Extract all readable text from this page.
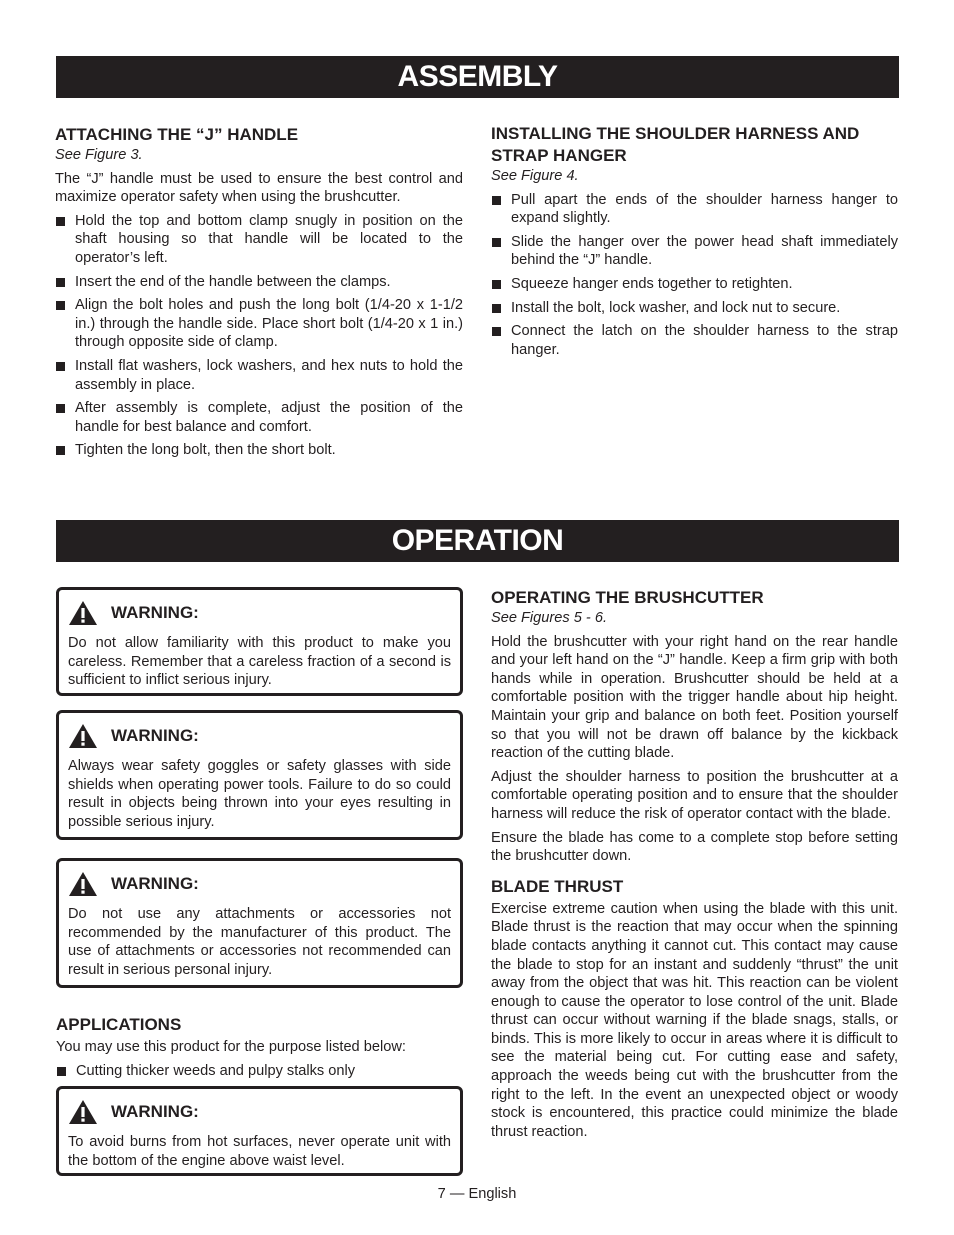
ASSEMBLY
ATTACHING THE “J” HANDLE

See Figure 3.

The “J” handle must be used to ensure the best control and maximize operator safety when using the brushcutter.

Hold the top and bottom clamp snugly in position on the shaft housing so that handle will be located to the operator’s left.
Insert the end of the handle between the clamps.
Align the bolt holes and push the long bolt (1/4-20 x 1-1/2 in.) through the handle side. Place short bolt (1/4-20 x 1 in.) through opposite side of clamp.
Install flat washers, lock washers, and hex nuts to hold the assembly in place.
After assembly is complete, adjust the position of the handle for best balance and comfort.
Tighten the long bolt, then the short bolt.
INSTALLING THE SHOULDER HARNESS AND STRAP HANGER

See Figure 4.

Pull apart the ends of the shoulder harness hanger to expand slightly.
Slide the hanger over the power head shaft immediately behind the “J” handle.
Squeeze hanger ends together to retighten.
Install the bolt, lock washer, and lock nut to secure.
Connect the latch on the shoulder harness to the strap hanger.
OPERATION
WARNING:

Do not allow familiarity with this product to make you careless. Remember that a careless fraction of a second is sufficient to inflict serious injury.

WARNING:

Always wear safety goggles or safety glasses with side shields when operating power tools. Failure to do so could result in objects being thrown into your eyes resulting in possible serious injury.

WARNING:

Do not use any attachments or accessories not recommended by the manufacturer of this product. The use of attachments or accessories not recommended can result in serious personal injury.

APPLICATIONS

You may use this product for the purpose listed below:

Cutting thicker weeds and pulpy stalks only
WARNING:

To avoid burns from hot surfaces, never operate unit with the bottom of the engine above waist level.

OPERATING THE BRUSHCUTTER

See Figures 5 - 6.

Hold the brushcutter with your right hand on the rear handle and your left hand on the “J” handle. Keep a firm grip with both hands while in operation. Brushcutter should be held at a comfortable position with the trigger handle about hip height. Maintain your grip and balance on both feet. Position yourself so that you will not be drawn off balance by the kickback reaction of the cutting blade.

Adjust the shoulder harness to position the brushcutter at a comfortable operating position and to ensure that the shoulder harness will reduce the risk of operator contact with the blade.

Ensure the blade has come to a complete stop before setting the brushcutter down.

BLADE THRUST

Exercise extreme caution when using the blade with this unit. Blade thrust is the reaction that may occur when the spinning blade contacts anything it cannot cut. This contact may cause the blade to stop for an instant and suddenly “thrust” the unit away from the object that was hit. This reaction can be violent enough to cause the operator to lose control of the unit. Blade thrust can occur without warning if the blade snags, stalls, or binds. This is more likely to occur in areas where it is difficult to see the material being cut. For cutting ease and safety, approach the weeds being cut with the brushcutter from the right to the left. In the event an unexpected object or woody stock is encountered, this practice could minimize the blade thrust reaction.

7 — English
